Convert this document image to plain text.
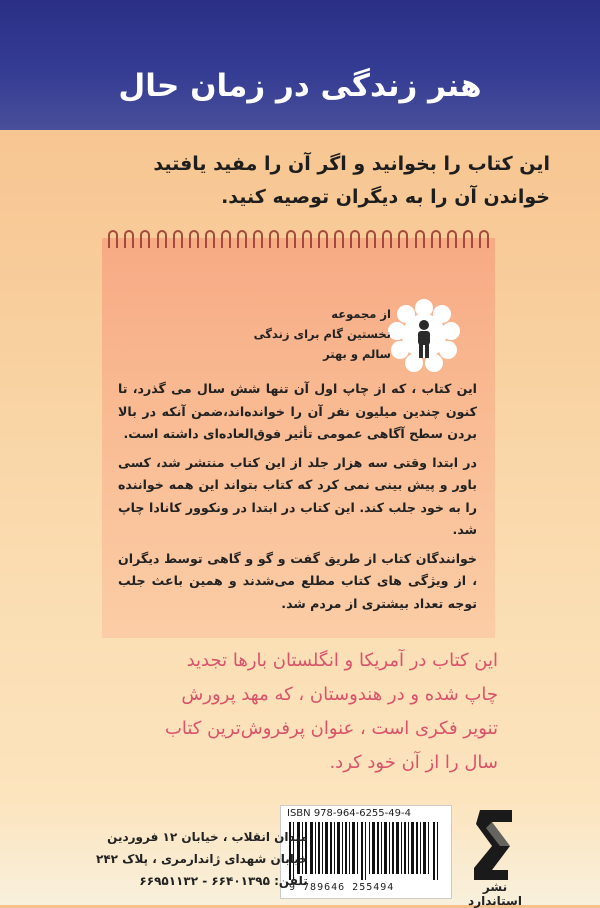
هنر زندگی در زمان حال
این کتاب را بخوانید و اگر آن را مفید یافتید
خواندن آن را به دیگران توصیه کنید.
از مجموعه
نخستین گام برای زندگی
سالم و بهتر

این کتاب ، که از چاپ اول آن تنها شش سال می گذرد، تا کنون چندین میلیون نفر آن را خوانده‌اند،ضمن آنکه در بالا بردن سطح آگاهی عمومی تأثیر فوق‌العاده‌ای داشته است.

در ابتدا وقتی سه هزار جلد از این کتاب منتشر شد، کسی باور و پیش بینی نمی کرد که کتاب بتواند این همه خواننده را به خود جلب کند. این کتاب در ابتدا در ونکوور کانادا چاپ شد.

خوانندگان کتاب از طریق گفت و گو و گاهی توسط دیگران ، از ویژگی های کتاب مطلع می‌شدند و همین باعث جلب توجه تعداد بیشتری از مردم شد.

این کتاب در آمریکا و انگلستان بارها تجدید

چاپ شده و در هندوستان ، که مهد پرورش

تنویر فکری است ، عنوان پرفروش‌ترین کتاب

سال را از آن خود کرد.

ISBN 978-964-6255-49-4
9 789646 255494
میدان انقلاب ، خیابان ۱۲ فروردین
خیابان شهدای ژاندارمری ، پلاک ۲۴۲
تلفن: ۶۶۴۰۱۳۹۵ - ۶۶۹۵۱۱۳۲	نشر استاندارد
